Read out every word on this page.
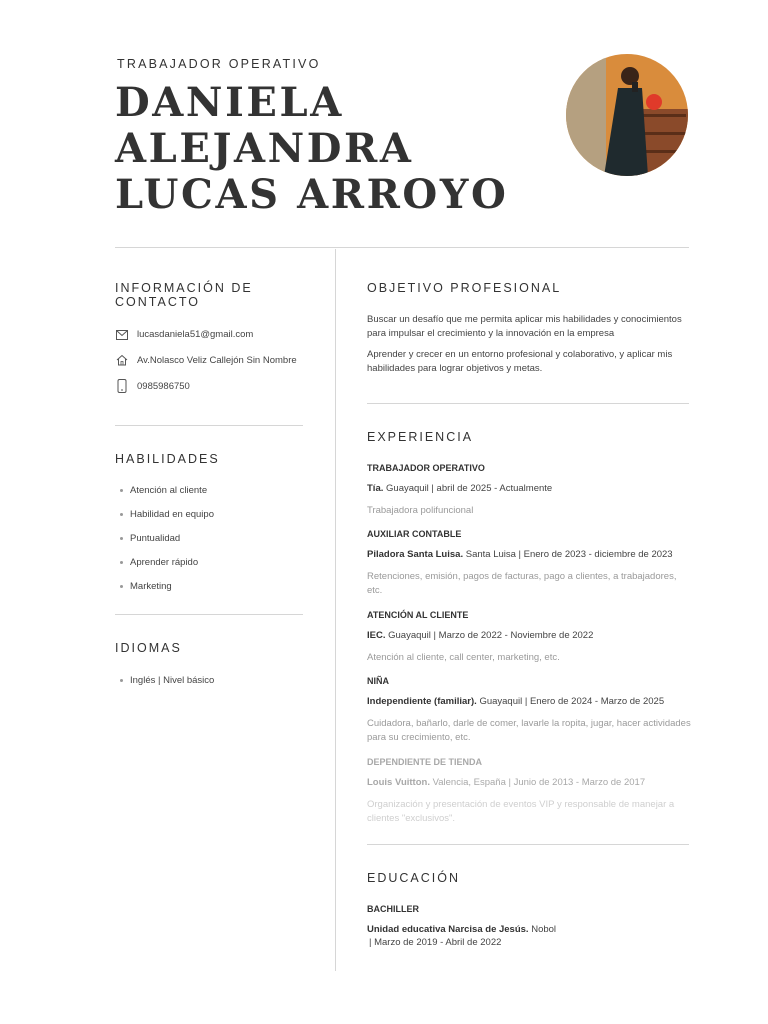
TRABAJADOR OPERATIVO
DANIELA
ALEJANDRA
LUCAS ARROYO
INFORMACIÓN DE
CONTACTO
lucasdaniela51@gmail.com
Av.Nolasco Veliz Callejón Sin Nombre
0985986750
HABILIDADES
Atención al cliente
Habilidad en equipo
Puntualidad
Aprender rápido
Marketing
IDIOMAS
Inglés | Nivel básico
OBJETIVO PROFESIONAL
Buscar un desafío que me permita aplicar mis habilidades y conocimientos para impulsar el crecimiento y la innovación en la empresa
Aprender y crecer en un entorno profesional y colaborativo, y aplicar mis habilidades para lograr objetivos y metas.
EXPERIENCIA
TRABAJADOR OPERATIVO
Tía. Guayaquil | abril de 2025 - Actualmente
Trabajadora polifuncional
AUXILIAR CONTABLE
Piladora Santa Luisa. Santa Luisa | Enero de 2023 - diciembre de 2023
Retenciones, emisión, pagos de facturas, pago a clientes, a trabajadores, etc.
ATENCIÓN AL CLIENTE
IEC. Guayaquil | Marzo de 2022 - Noviembre de 2022
Atención al cliente, call center, marketing, etc.
NIÑA
Independiente (familiar). Guayaquil | Enero de 2024 - Marzo de 2025
Cuidadora, bañarlo, darle de comer, lavarle la ropita, jugar, hacer actividades para su crecimiento, etc.
DEPENDIENTE DE TIENDA
Louis Vuitton. Valencia, España | Junio de 2013 - Marzo de 2017
Organización y presentación de eventos VIP y responsable de manejar a clientes "exclusivos".
EDUCACIÓN
BACHILLER
Unidad educativa Narcisa de Jesús. Nobol
| Marzo de 2019 - Abril de 2022
